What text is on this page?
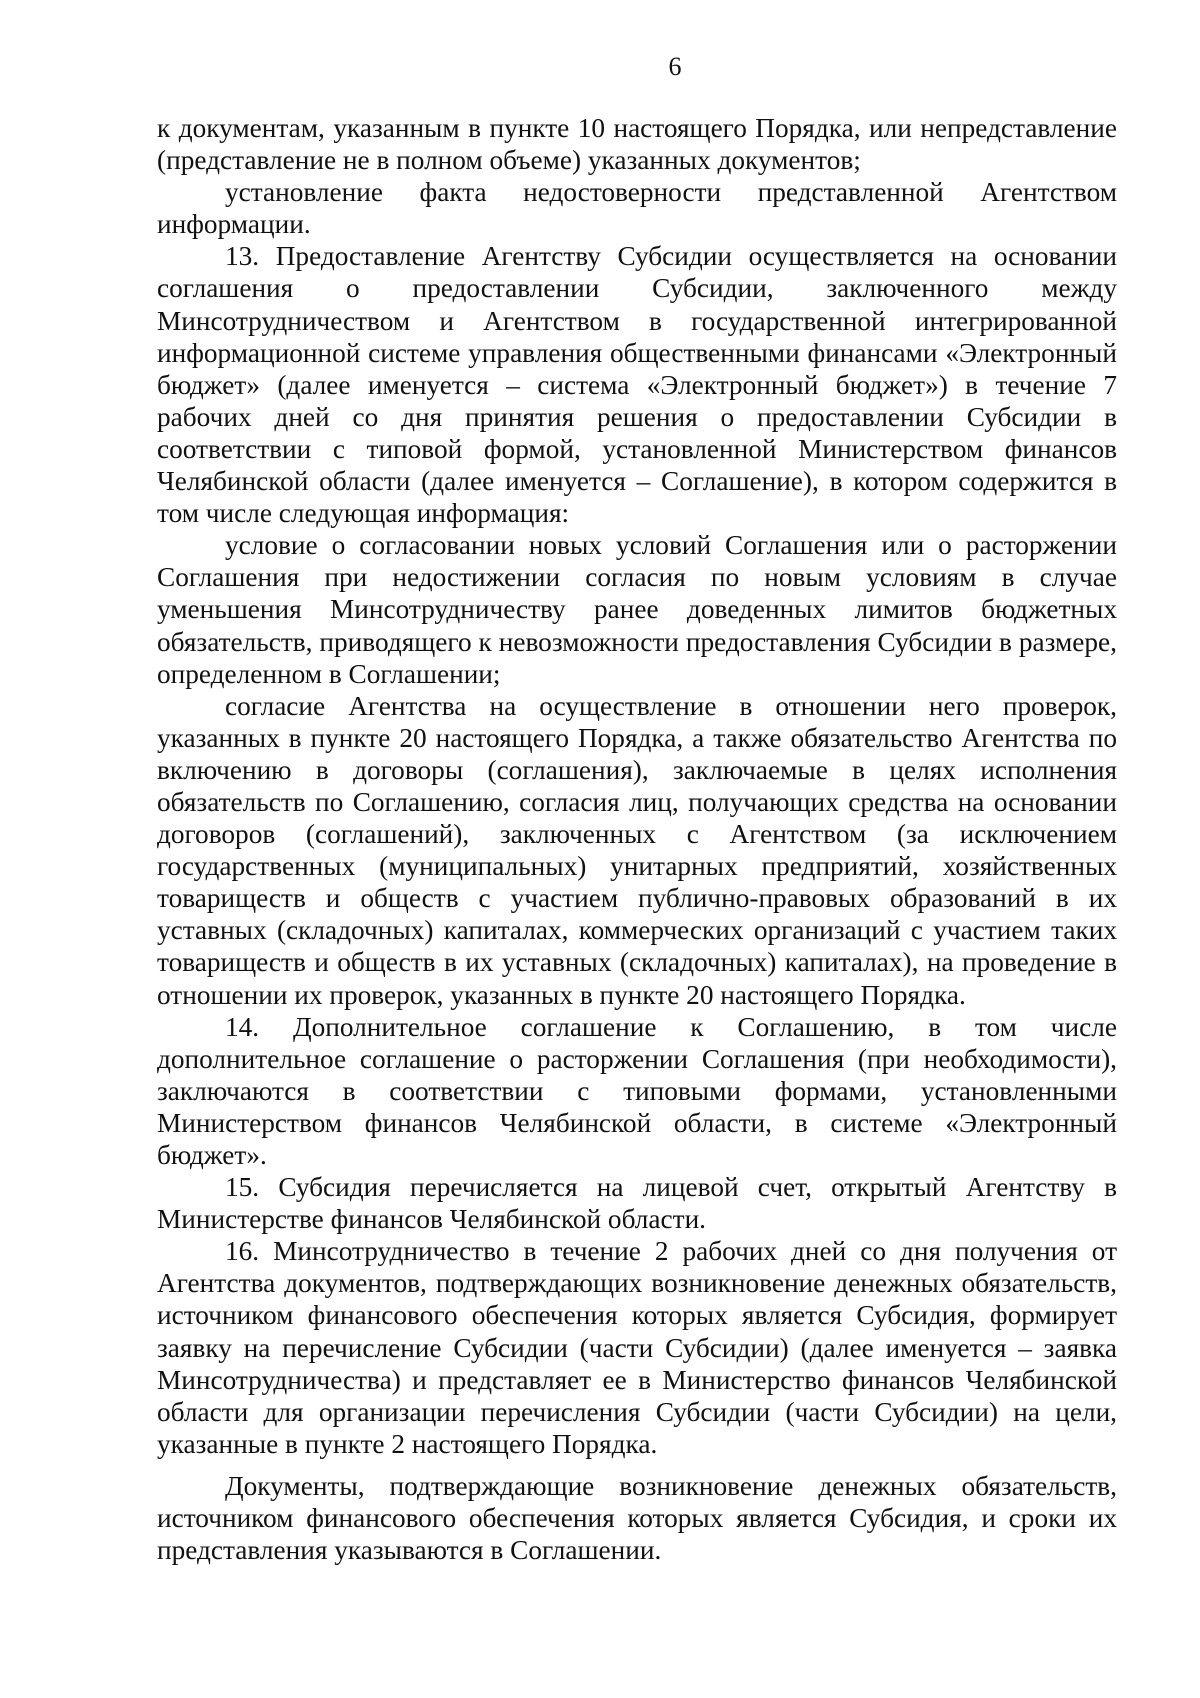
6

к документам, указанным в пункте 10 настоящего Порядка, или непредставление (представление не в полном объеме) указанных документов;

установление факта недостоверности представленной Агентством информации.

13. Предоставление Агентству Субсидии осуществляется на основании соглашения о предоставлении Субсидии, заключенного между Минсотрудничеством и Агентством в государственной интегрированной информационной системе управления общественными финансами «Электронный бюджет» (далее именуется – система «Электронный бюджет») в течение 7 рабочих дней со дня принятия решения о предоставлении Субсидии в соответствии с типовой формой, установленной Министерством финансов Челябинской области (далее именуется – Соглашение), в котором содержится в том числе следующая информация:

условие о согласовании новых условий Соглашения или о расторжении Соглашения при недостижении согласия по новым условиям в случае уменьшения Минсотрудничеству ранее доведенных лимитов бюджетных обязательств, приводящего к невозможности предоставления Субсидии в размере, определенном в Соглашении;

согласие Агентства на осуществление в отношении него проверок, указанных в пункте 20 настоящего Порядка, а также обязательство Агентства по включению в договоры (соглашения), заключаемые в целях исполнения обязательств по Соглашению, согласия лиц, получающих средства на основании договоров (соглашений), заключенных с Агентством (за исключением государственных (муниципальных) унитарных предприятий, хозяйственных товариществ и обществ с участием публично-правовых образований в их уставных (складочных) капиталах, коммерческих организаций с участием таких товариществ и обществ в их уставных (складочных) капиталах), на проведение в отношении их проверок, указанных в пункте 20 настоящего Порядка.

14. Дополнительное соглашение к Соглашению, в том числе дополнительное соглашение о расторжении Соглашения (при необходимости), заключаются в соответствии с типовыми формами, установленными Министерством финансов Челябинской области, в системе «Электронный бюджет».

15. Субсидия перечисляется на лицевой счет, открытый Агентству в Министерстве финансов Челябинской области.

16. Минсотрудничество в течение 2 рабочих дней со дня получения от Агентства документов, подтверждающих возникновение денежных обязательств, источником финансового обеспечения которых является Субсидия, формирует заявку на перечисление Субсидии (части Субсидии) (далее именуется – заявка Минсотрудничества) и представляет ее в Министерство финансов Челябинской области для организации перечисления Субсидии (части Субсидии) на цели, указанные в пункте 2 настоящего Порядка.

Документы, подтверждающие возникновение денежных обязательств, источником финансового обеспечения которых является Субсидия, и сроки их представления указываются в Соглашении.
